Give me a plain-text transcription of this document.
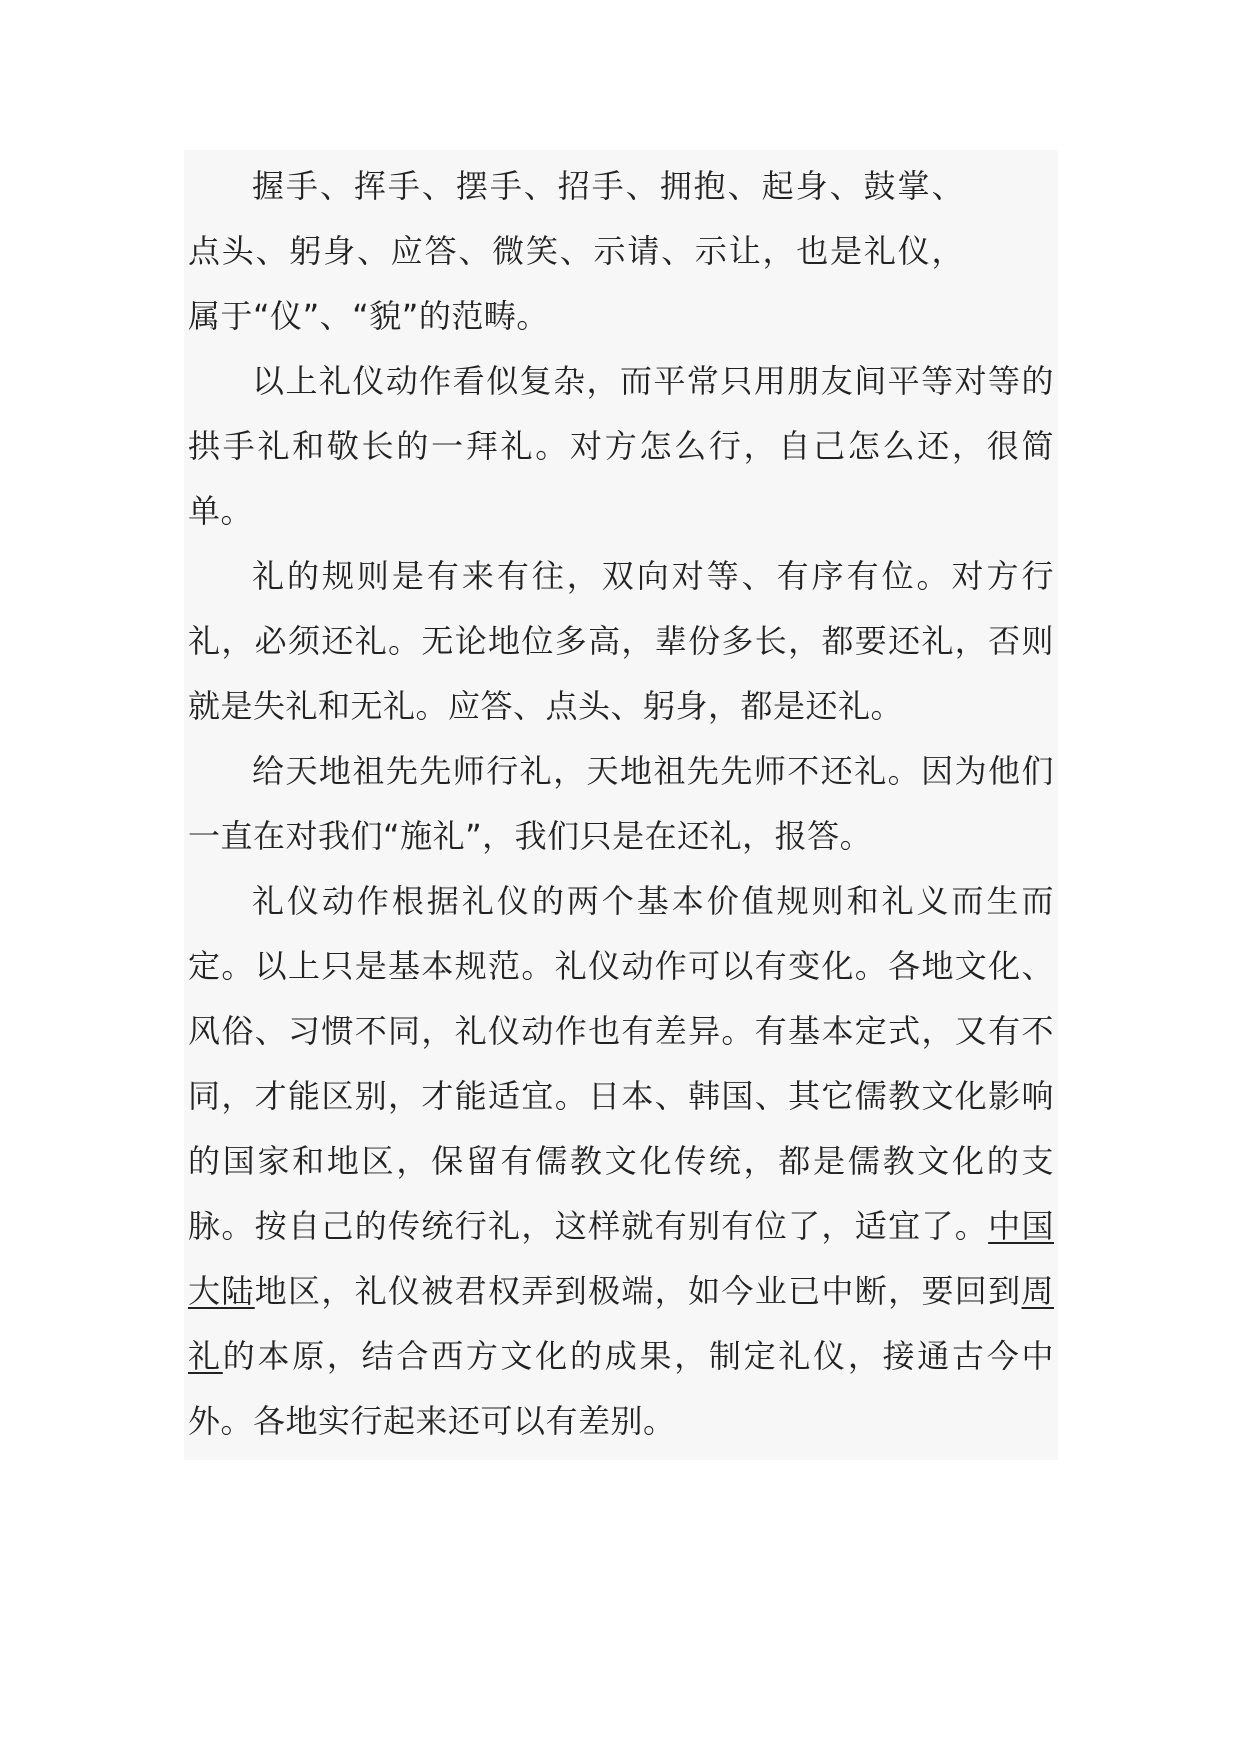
握手、挥手、摆手、招手、拥抱、起身、鼓掌、点头、躬身、应答、微笑、示请、示让，也是礼仪，属于“仪”、“貌”的范畴。

以上礼仪动作看似复杂，而平常只用朋友间平等对等的拱手礼和敬长的一拜礼。对方怎么行，自己怎么还，很简单。

礼的规则是有来有往，双向对等、有序有位。对方行礼，必须还礼。无论地位多高，辈份多长，都要还礼，否则就是失礼和无礼。应答、点头、躬身，都是还礼。

给天地祖先先师行礼，天地祖先先师不还礼。因为他们一直在对我们“施礼”，我们只是在还礼，报答。

礼仪动作根据礼仪的两个基本价值规则和礼义而生而定。以上只是基本规范。礼仪动作可以有变化。各地文化、风俗、习惯不同，礼仪动作也有差异。有基本定式，又有不同，才能区别，才能适宜。日本、韩国、其它儒教文化影响的国家和地区，保留有儒教文化传统，都是儒教文化的支脉。按自己的传统行礼，这样就有别有位了，适宜了。中国大陆地区，礼仪被君权弄到极端，如今业已中断，要回到周礼的本原，结合西方文化的成果，制定礼仪，接通古今中外。各地实行起来还可以有差别。
